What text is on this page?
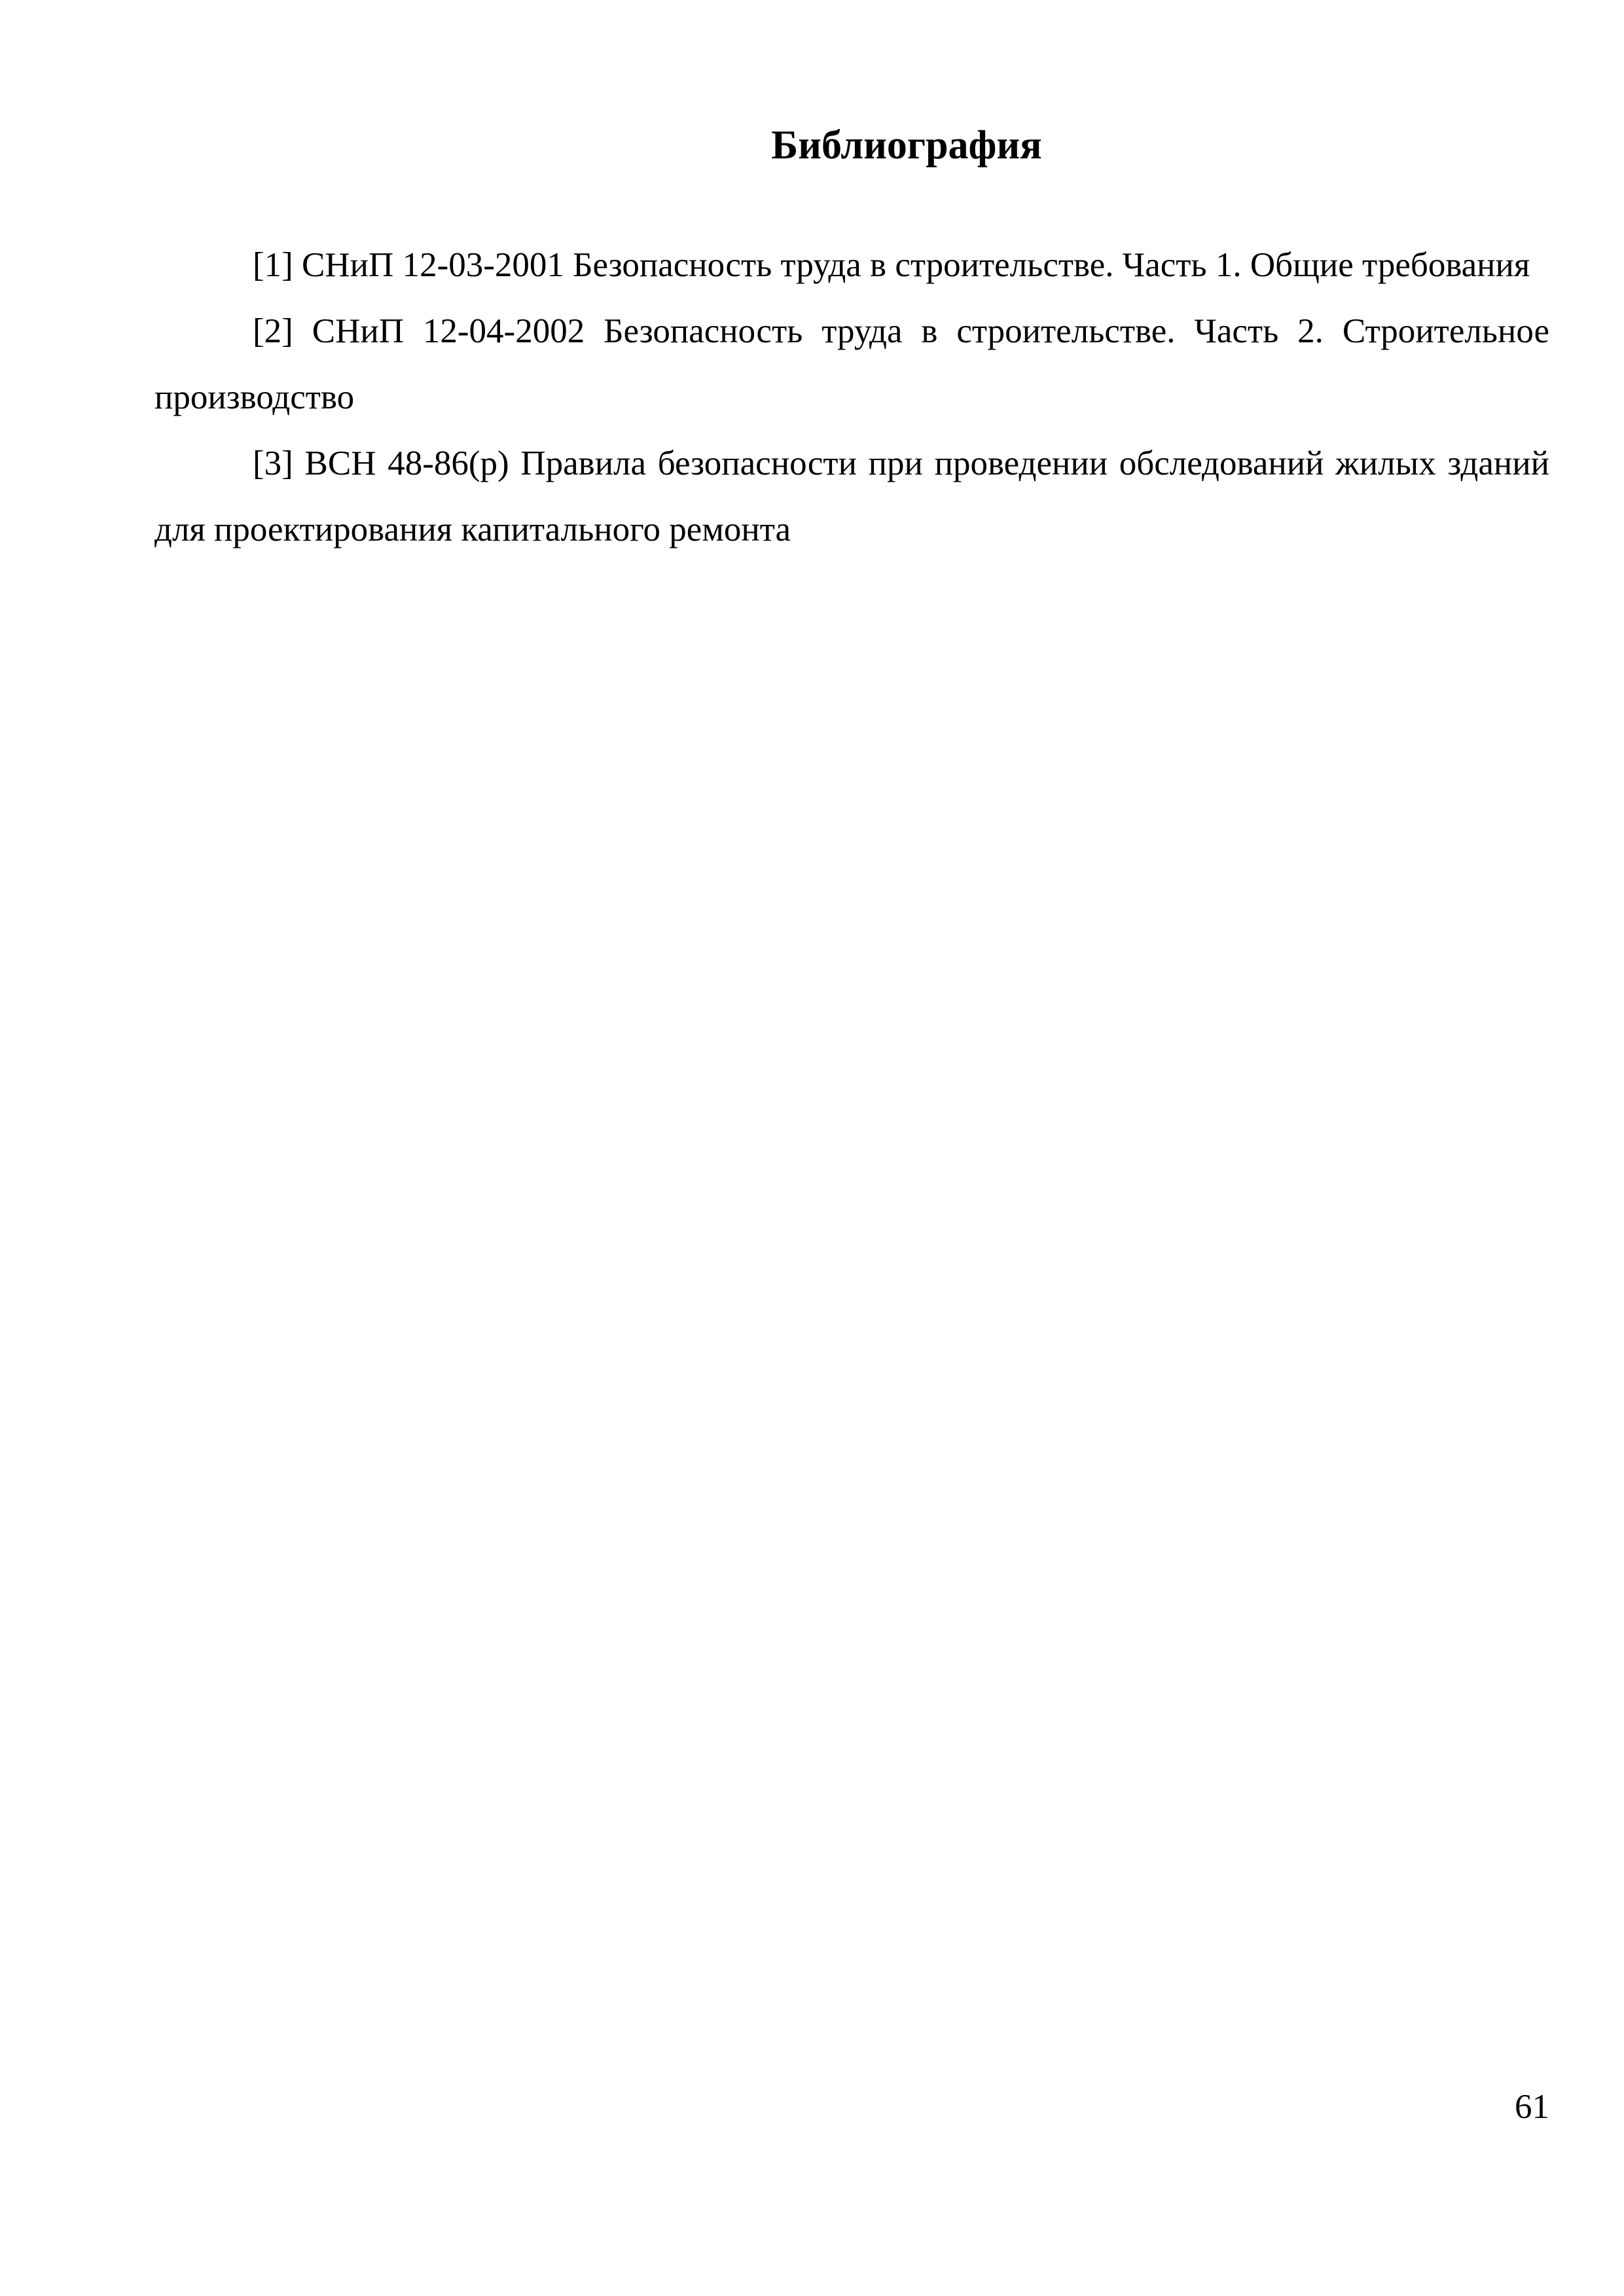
Библиография

[1] СНиП 12-03-2001 Безопасность труда в строительстве. Часть 1. Общие требования

[2] СНиП 12-04-2002 Безопасность труда в строительстве. Часть 2. Строительное производство

[3] ВСН 48-86(р) Правила безопасности при проведении обследований жилых зданий для проектирования капитального ремонта

61
